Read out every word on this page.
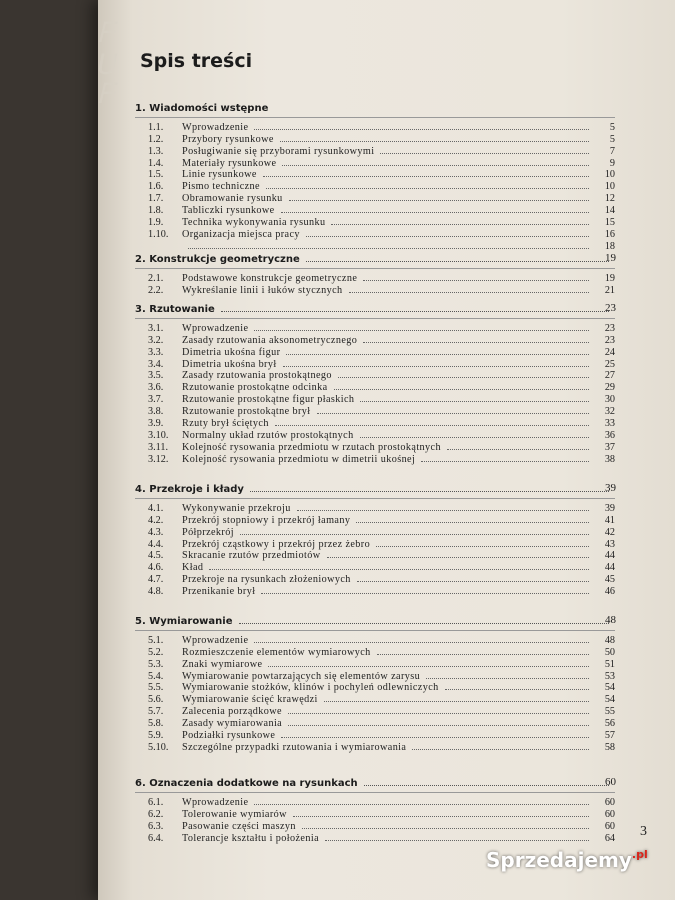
ᖴᑌᖴ Spis treści
1. Wiadomości wstępne
1.1.	Wprowadzenie	5
1.2.	Przybory rysunkowe	5
1.3.	Posługiwanie się przyborami rysunkowymi	7
1.4.	Materiały rysunkowe	9
1.5.	Linie rysunkowe	10
1.6.	Pismo techniczne	10
1.7.	Obramowanie rysunku	12
1.8.	Tabliczki rysunkowe	14
1.9.	Technika wykonywania rysunku	15
1.10.	Organizacja miejsca pracy	16
18
2. Konstrukcje geometryczne	19
2.1.	Podstawowe konstrukcje geometryczne	19
2.2.	Wykreślanie linii i łuków stycznych	21
3. Rzutowanie	23
3.1.	Wprowadzenie	23
3.2.	Zasady rzutowania aksonometrycznego	23
3.3.	Dimetria ukośna figur	24
3.4.	Dimetria ukośna brył	25
3.5.	Zasady rzutowania prostokątnego	27
3.6.	Rzutowanie prostokątne odcinka	29
3.7.	Rzutowanie prostokątne figur płaskich	30
3.8.	Rzutowanie prostokątne brył	32
3.9.	Rzuty brył ściętych	33
3.10.	Normalny układ rzutów prostokątnych	36
3.11.	Kolejność rysowania przedmiotu w rzutach prostokątnych	37
3.12.	Kolejność rysowania przedmiotu w dimetrii ukośnej	38
4. Przekroje i kłady	39
4.1.	Wykonywanie przekroju	39
4.2.	Przekrój stopniowy i przekrój łamany	41
4.3.	Półprzekrój	42
4.4.	Przekrój cząstkowy i przekrój przez żebro	43
4.5.	Skracanie rzutów przedmiotów	44
4.6.	Kład	44
4.7.	Przekroje na rysunkach złożeniowych	45
4.8.	Przenikanie brył	46
5. Wymiarowanie	48
5.1.	Wprowadzenie	48
5.2.	Rozmieszczenie elementów wymiarowych	50
5.3.	Znaki wymiarowe	51
5.4.	Wymiarowanie powtarzających się elementów zarysu	53
5.5.	Wymiarowanie stożków, klinów i pochyleń odlewniczych	54
5.6.	Wymiarowanie ścięć krawędzi	54
5.7.	Zalecenia porządkowe	55
5.8.	Zasady wymiarowania	56
5.9.	Podziałki rysunkowe	57
5.10.	Szczególne przypadki rzutowania i wymiarowania	58
6. Oznaczenia dodatkowe na rysunkach	60
6.1.	Wprowadzenie	60
6.2.	Tolerowanie wymiarów	60
6.3.	Pasowanie części maszyn	60
6.4.	Tolerancje kształtu i położenia	64 3
Sprzedajemy$^{.pl}$
